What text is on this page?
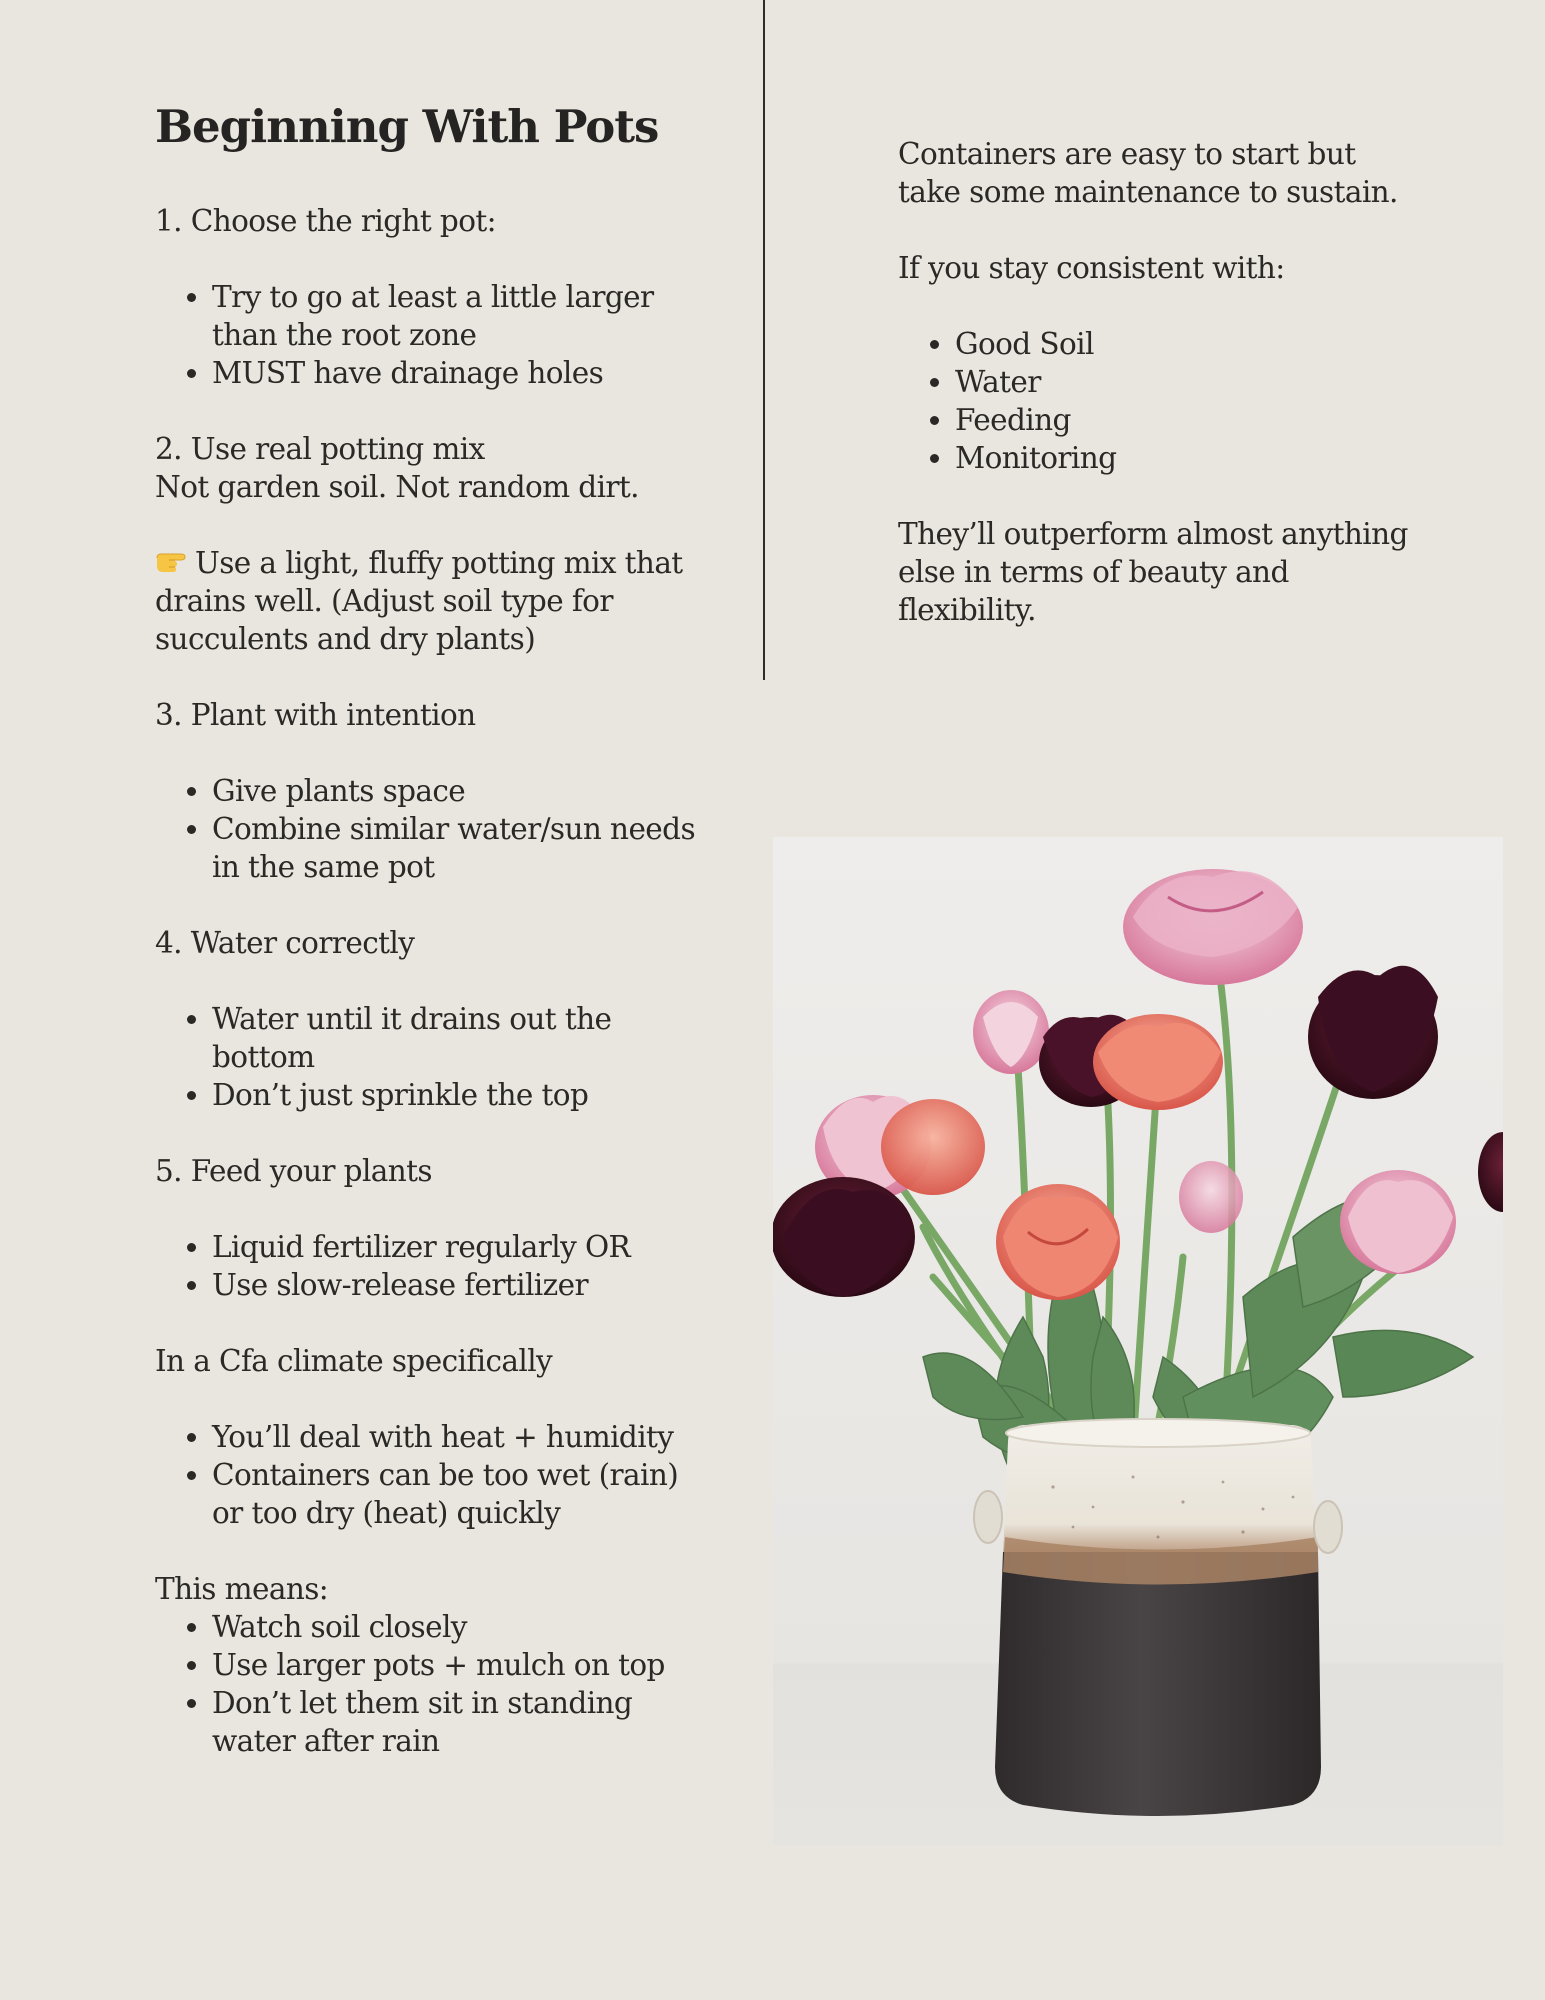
Beginning With Pots

1. Choose the right pot:

• Try to go at least a little larger than the root zone
• MUST have drainage holes

2. Use real potting mix

Not garden soil. Not random dirt.

Use a light, fluffy potting mix that drains well. (Adjust soil type for succulents and dry plants)

3. Plant with intention

• Give plants space
• Combine similar water/sun needs in the same pot

4. Water correctly

• Water until it drains out the bottom
• Don’t just sprinkle the top

5. Feed your plants

• Liquid fertilizer regularly OR
• Use slow-release fertilizer

In a Cfa climate specifically

• You’ll deal with heat + humidity
• Containers can be too wet (rain) or too dry (heat) quickly

This means:

• Watch soil closely
• Use larger pots + mulch on top
• Don’t let them sit in standing water after rain

Containers are easy to start but take some maintenance to sustain.

If you stay consistent with:

• Good Soil
• Water
• Feeding
• Monitoring

They’ll outperform almost anything else in terms of beauty and flexibility.
